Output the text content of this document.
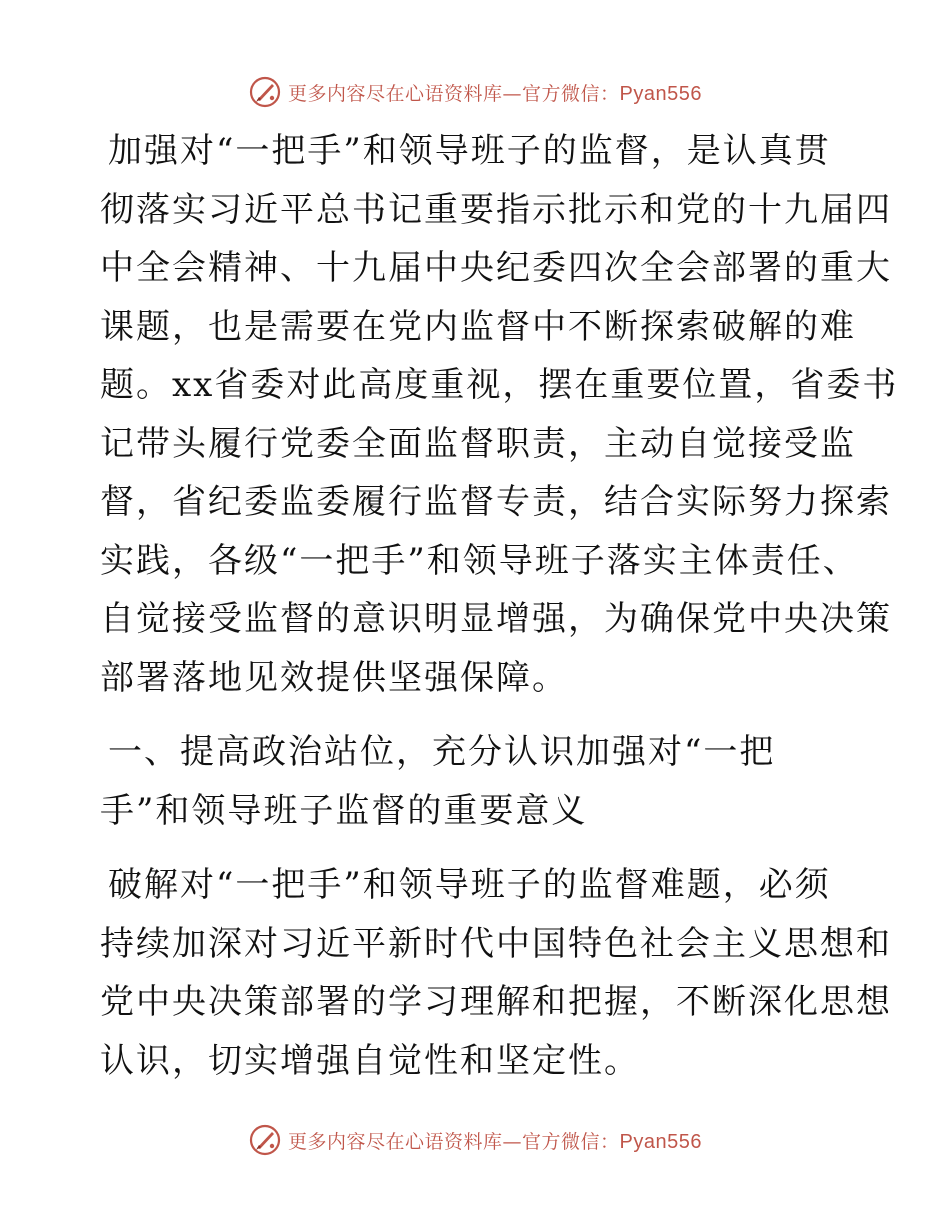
更多内容尽在心语资料库—官方微信：Pyan556

加强对“一把手”和领导班子的监督，是认真贯
彻落实习近平总书记重要指示批示和党的十九届四
中全会精神、十九届中央纪委四次全会部署的重大
课题，也是需要在党内监督中不断探索破解的难
题。xx省委对此高度重视，摆在重要位置，省委书
记带头履行党委全面监督职责，主动自觉接受监
督，省纪委监委履行监督专责，结合实际努力探索
实践，各级“一把手”和领导班子落实主体责任、
自觉接受监督的意识明显增强，为确保党中央决策
部署落地见效提供坚强保障。

一、提高政治站位，充分认识加强对“一把
手”和领导班子监督的重要意义

破解对“一把手”和领导班子的监督难题，必须
持续加深对习近平新时代中国特色社会主义思想和
党中央决策部署的学习理解和把握，不断深化思想
认识，切实增强自觉性和坚定性。

更多内容尽在心语资料库—官方微信：Pyan556
